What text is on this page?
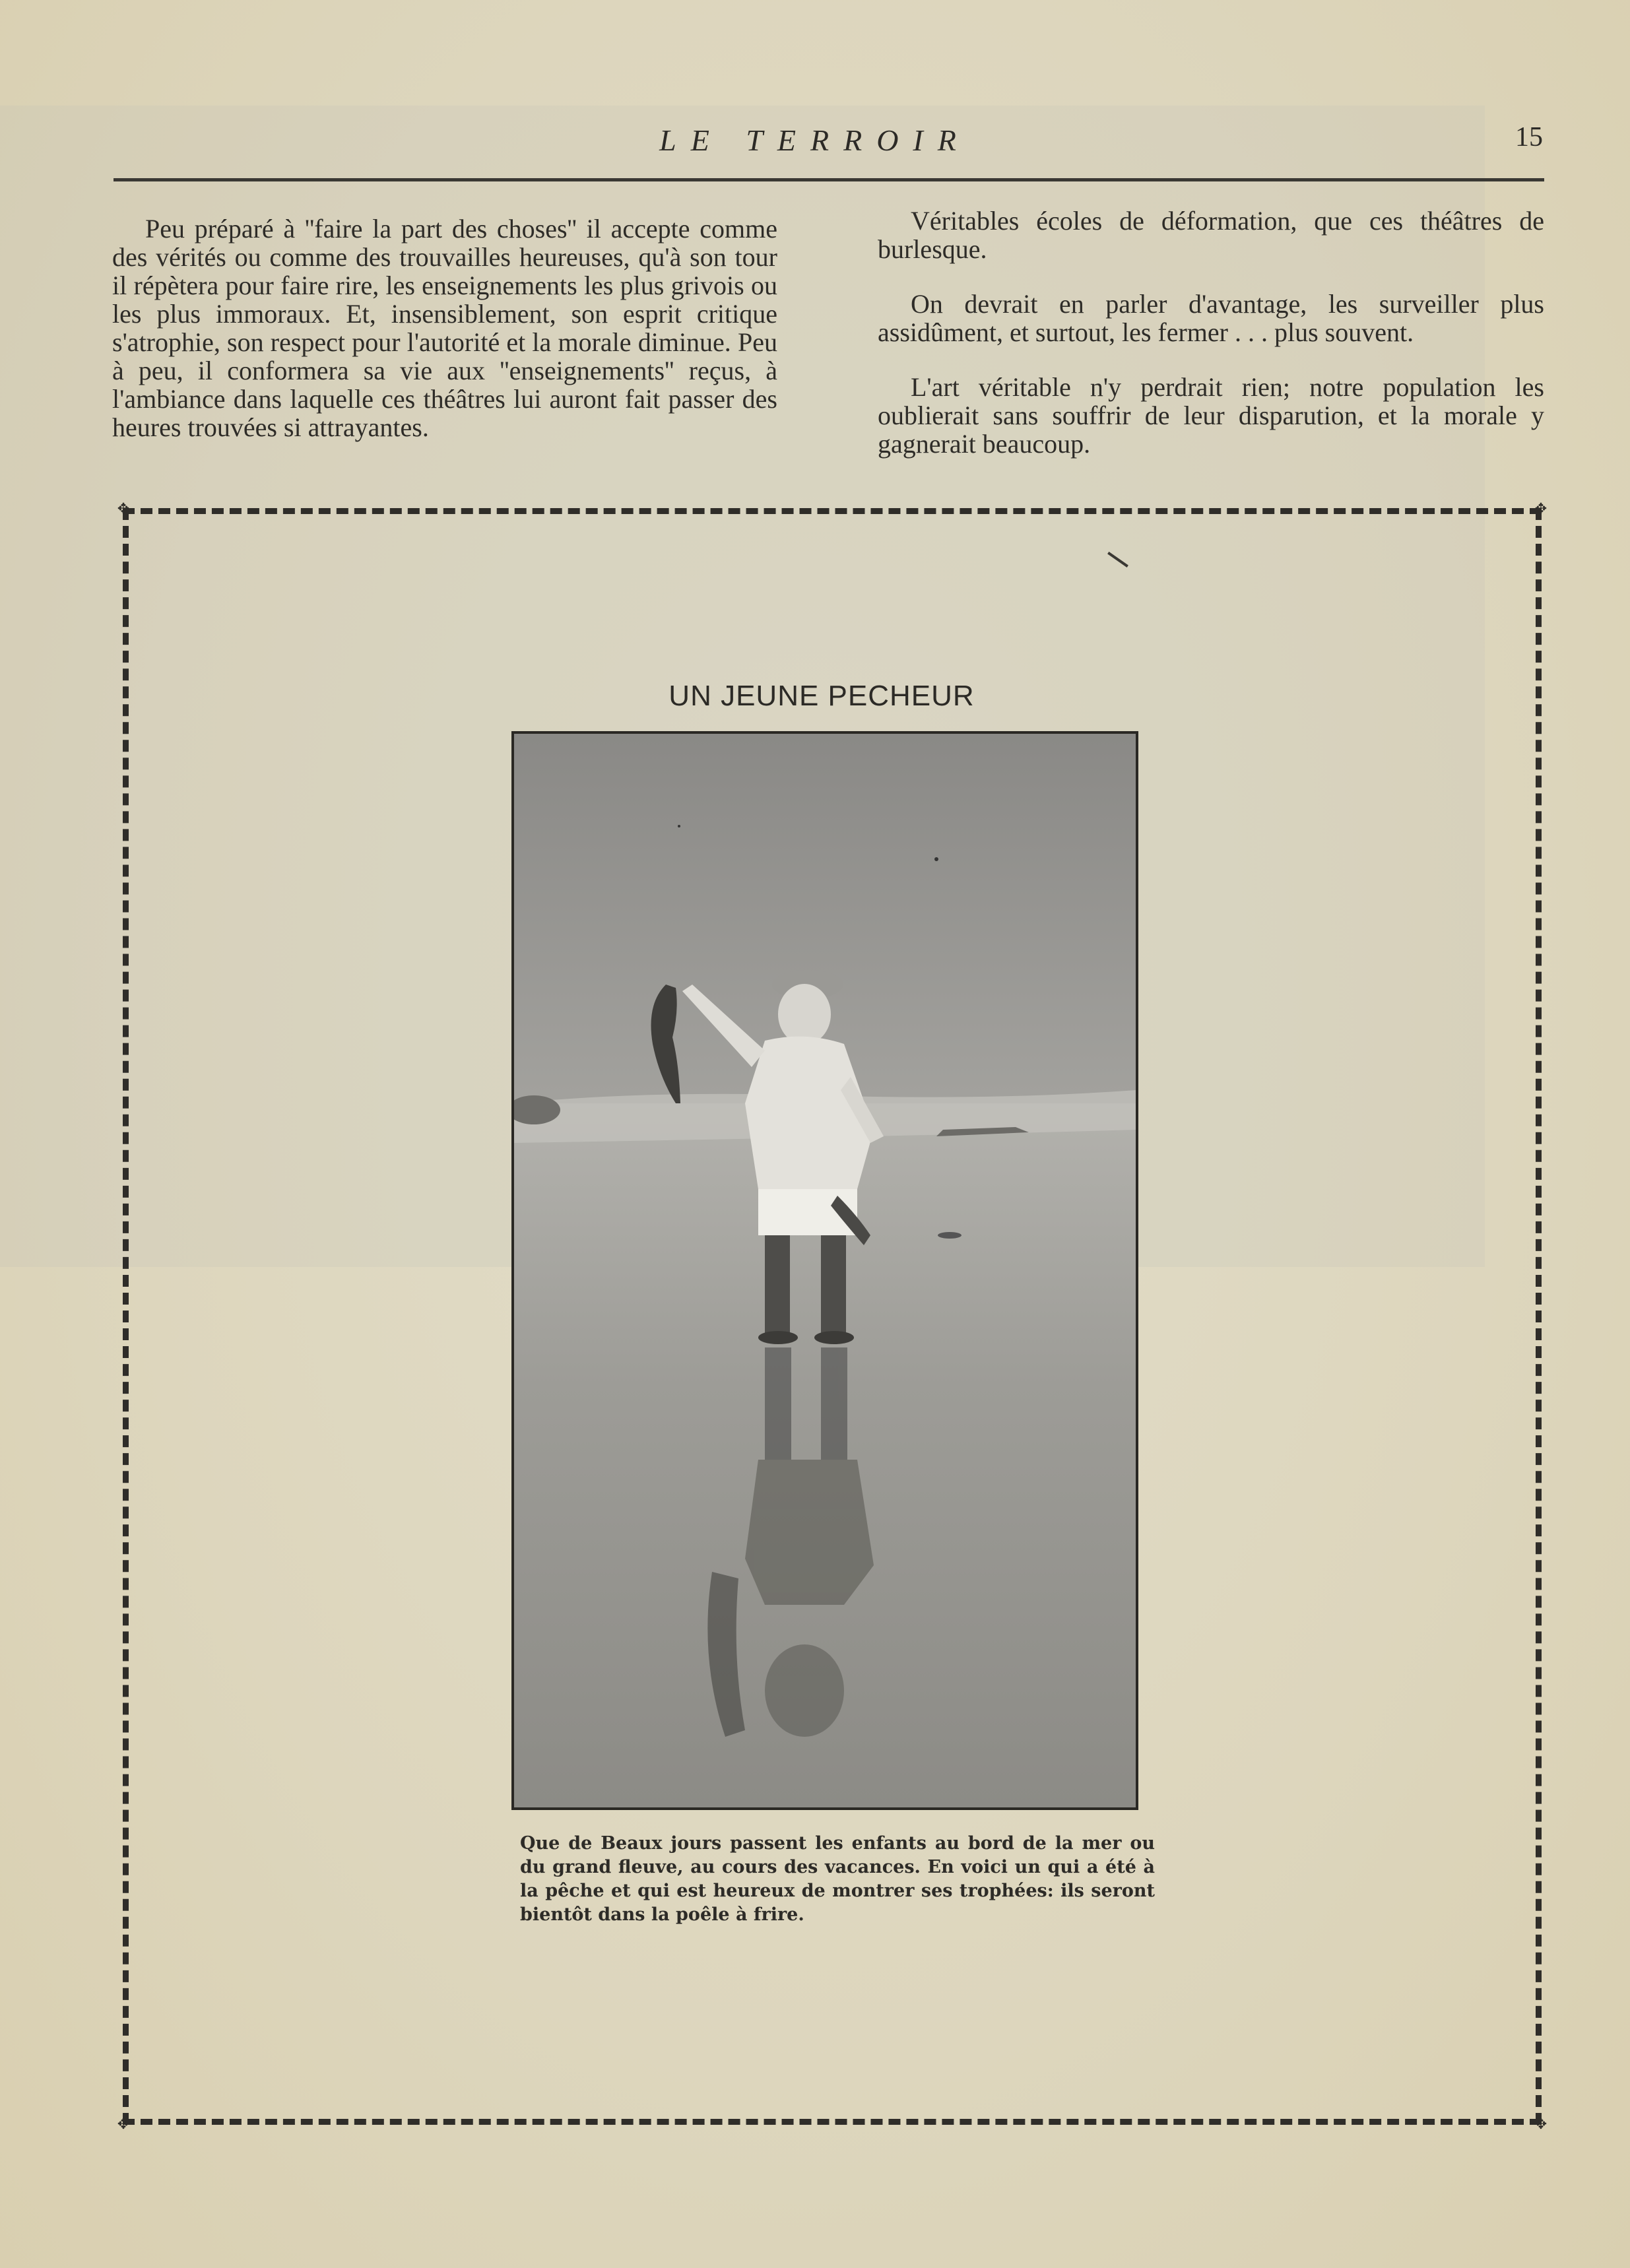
LE TERROIR	15

Peu préparé à ''faire la part des choses'' il accepte comme des vérités ou comme des trouvailles heureuses, qu'à son tour il répètera pour faire rire, les enseignements les plus grivois ou les plus immoraux. Et, insensiblement, son esprit critique s'atrophie, son respect pour l'autorité et la morale diminue. Peu à peu, il conformera sa vie aux ''enseignements'' reçus, à l'ambiance dans laquelle ces théâtres lui auront fait passer des heures trouvées si attrayantes.

Véritables écoles de déformation, que ces théâtres de burlesque.

On devrait en parler d'avantage, les surveiller plus assidûment, et surtout, les fermer . . . plus souvent.

L'art véritable n'y perdrait rien; notre population les oublierait sans souffrir de leur disparution, et la morale y gagnerait beaucoup.

✥	✥
✥	✥
UN JEUNE PECHEUR
Que de Beaux jours passent les enfants au bord de la mer ou du grand fleuve, au cours des vacances. En voici un qui a été à la pêche et qui est heureux de montrer ses trophées: ils seront bientôt dans la poêle à frire.
